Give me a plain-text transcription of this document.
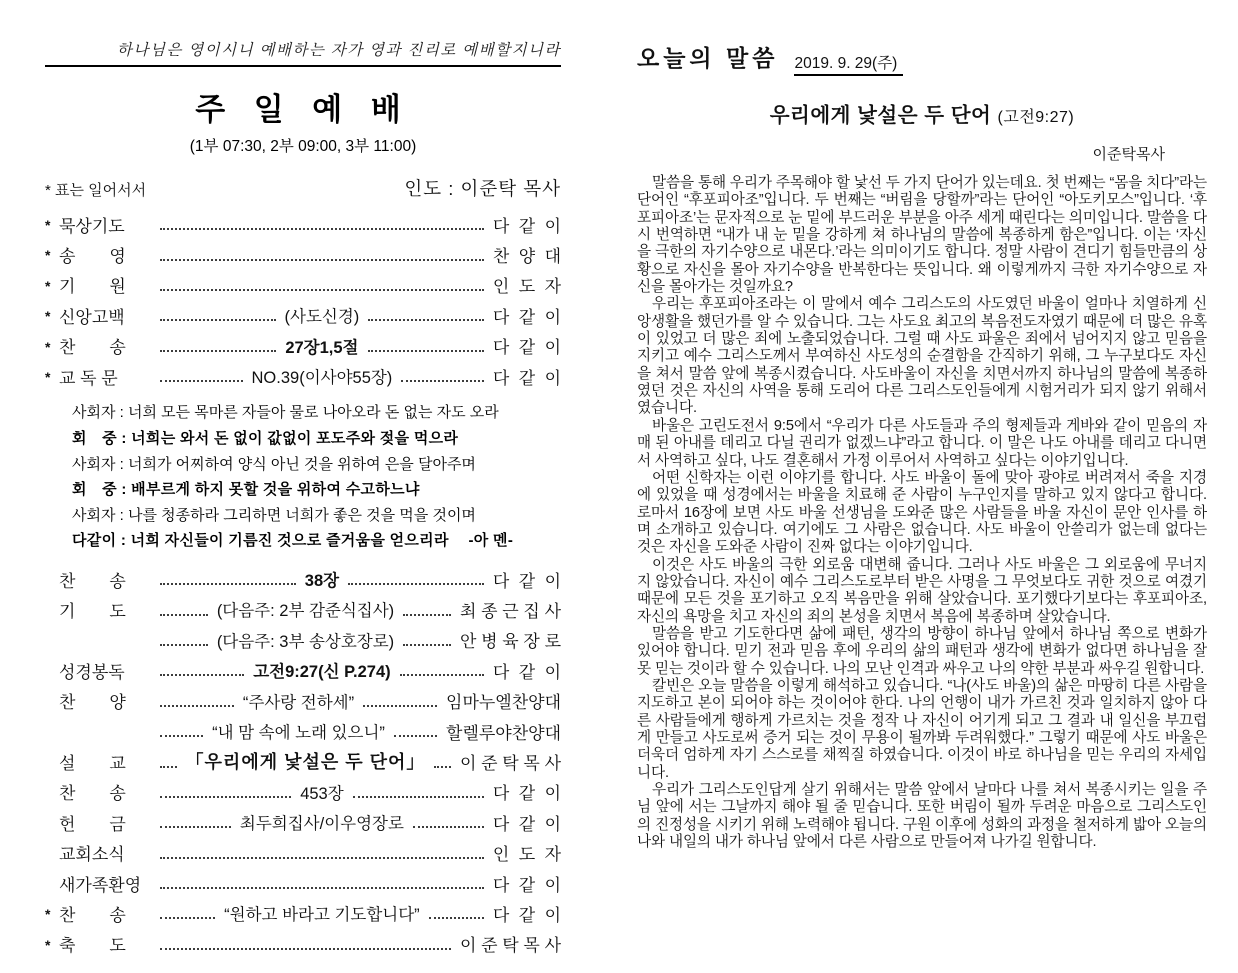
하나님은 영이시니 예배하는 자가 영과 진리로 예배할지니라
주 일 예 배
(1부 07:30, 2부 09:00, 3부 11:00)
* 표는 일어서서	인도 : 이준탁 목사
* 묵상기도	다  같  이
* 송　　영	찬  양  대
* 기　　원	인  도  자
* 신앙고백	(사도신경)	다  같  이
* 찬　　송	27장1,5절	다  같  이
* 교 독 문	NO.39(이사야55장)	다  같  이
사회자 : 너희 모든 목마른 자들아 물로 나아오라 돈 없는 자도 오라
회　중 : 너희는 와서 돈 없이 값없이 포도주와 젖을 먹으라
사회자 : 너희가 어찌하여 양식 아닌 것을 위하여 은을 달아주며
회　중 : 배부르게 하지 못할 것을 위하여 수고하느냐
사회자 : 나를 청종하라 그리하면 너희가 좋은 것을 먹을 것이며
다같이 : 너희 자신들이 기름진 것으로 즐거움을 얻으리라　 -아 멘-
찬　　송	38장	다  같  이
기　　도	(다음주: 2부 감준식집사)	최 종 근 집 사
(다음주: 3부 송상호장로)	안 병 육 장 로
성경봉독	고전9:27(신 P.274)	다  같  이
찬　　양	“주사랑 전하세”	임마누엘찬양대
“내 맘 속에 노래 있으니”	할렐루야찬양대
설　　교	「우리에게 낯설은 두 단어」 이 준 탁 목 사
찬　　송	453장	다  같  이
헌　　금	최두희집사/이우영장로	다  같  이
교회소식	인  도  자
새가족환영	다  같  이
* 찬　　송	“원하고 바라고 기도합니다”	다  같  이
* 축　　도	이 준 탁 목 사
오늘의 말씀	2019. 9. 29(주)
우리에게 낯설은 두 단어 (고전9:27)
이준탁목사

말씀을 통해 우리가 주목해야 할 낯선 두 가지 단어가 있는데요. 첫 번째는 “몸을 치다”라는 단어인 “후포피아조”입니다. 두 번째는 “버림을 당할까”라는 단어인 “아도키모스”입니다. ‘후포피아조’는 문자적으로 눈 밑에 부드러운 부분을 아주 세게 때린다는 의미입니다. 말씀을 다시 번역하면 “내가 내 눈 밑을 강하게 쳐 하나님의 말씀에 복종하게 함은”입니다. 이는 ‘자신을 극한의 자기수양으로 내몬다.’라는 의미이기도 합니다. 정말 사람이 견디기 힘들만큼의 상황으로 자신을 몰아 자기수양을 반복한다는 뜻입니다. 왜 이렇게까지 극한 자기수양으로 자신을 몰아가는 것일까요?

우리는 후포피아조라는 이 말에서 예수 그리스도의 사도였던 바울이 얼마나 치열하게 신앙생활을 했던가를 알 수 있습니다. 그는 사도요 최고의 복음전도자였기 때문에 더 많은 유혹이 있었고 더 많은 죄에 노출되었습니다. 그럴 때 사도 파울은 죄에서 넘어지지 않고 믿음을 지키고 예수 그리스도께서 부여하신 사도성의 순결함을 간직하기 위해, 그 누구보다도 자신을 쳐서 말씀 앞에 복종시켰습니다. 사도바울이 자신을 치면서까지 하나님의 말씀에 복종하였던 것은 자신의 사역을 통해 도리어 다른 그리스도인들에게 시험거리가 되지 않기 위해서였습니다.

바울은 고린도전서 9:5에서 “우리가 다른 사도들과 주의 형제들과 게바와 같이 믿음의 자매 된 아내를 데리고 다닐 권리가 없겠느냐”라고 합니다. 이 말은 나도 아내를 데리고 다니면서 사역하고 싶다, 나도 결혼해서 가정 이루어서 사역하고 싶다는 이야기입니다.

어떤 신학자는 이런 이야기를 합니다. 사도 바울이 돌에 맞아 광야로 버려져서 죽을 지경에 있었을 때 성경에서는 바울을 치료해 준 사람이 누구인지를 말하고 있지 않다고 합니다. 로마서 16장에 보면 사도 바울 선생님을 도와준 많은 사람들을 바울 자신이 문안 인사를 하며 소개하고 있습니다. 여기에도 그 사람은 없습니다. 사도 바울이 안쓸리가 없는데 없다는 것은 자신을 도와준 사람이 진짜 없다는 이야기입니다.

이것은 사도 바울의 극한 외로움 대변해 줍니다. 그러나 사도 바울은 그 외로움에 무너지지 않았습니다. 자신이 예수 그리스도로부터 받은 사명을 그 무엇보다도 귀한 것으로 여겼기 때문에 모든 것을 포기하고 오직 복음만을 위해 살았습니다. 포기했다기보다는 후포피아조, 자신의 욕망을 치고 자신의 죄의 본성을 치면서 복음에 복종하며 살았습니다.

말씀을 받고 기도한다면 삶에 패턴, 생각의 방향이 하나님 앞에서 하나님 쪽으로 변화가 있어야 합니다. 믿기 전과 믿음 후에 우리의 삶의 패턴과 생각에 변화가 없다면 하나님을 잘못 믿는 것이라 할 수 있습니다. 나의 모난 인격과 싸우고 나의 약한 부분과 싸우길 원합니다.

칼빈은 오늘 말씀을 이렇게 해석하고 있습니다. “나(사도 바울)의 삶은 마땅히 다른 사람을 지도하고 본이 되어야 하는 것이어야 한다. 나의 언행이 내가 가르친 것과 일치하지 않아 다른 사람들에게 행하게 가르치는 것을 정작 나 자신이 어기게 되고 그 결과 내 일신을 부끄럽게 만들고 사도로써 증거 되는 것이 무용이 될까봐 두려워했다.” 그렇기 때문에 사도 바울은 더욱더 엄하게 자기 스스로를 채찍질 하였습니다. 이것이 바로 하나님을 믿는 우리의 자세입니다.

우리가 그리스도인답게 살기 위해서는 말씀 앞에서 날마다 나를 쳐서 복종시키는 일을 주님 앞에 서는 그날까지 해야 될 줄 믿습니다. 또한 버림이 될까 두려운 마음으로 그리스도인의 진정성을 시키기 위해 노력해야 됩니다. 구원 이후에 성화의 과정을 철저하게 밟아 오늘의 나와 내일의 내가 하나님 앞에서 다른 사람으로 만들어져 나가길 원합니다.
